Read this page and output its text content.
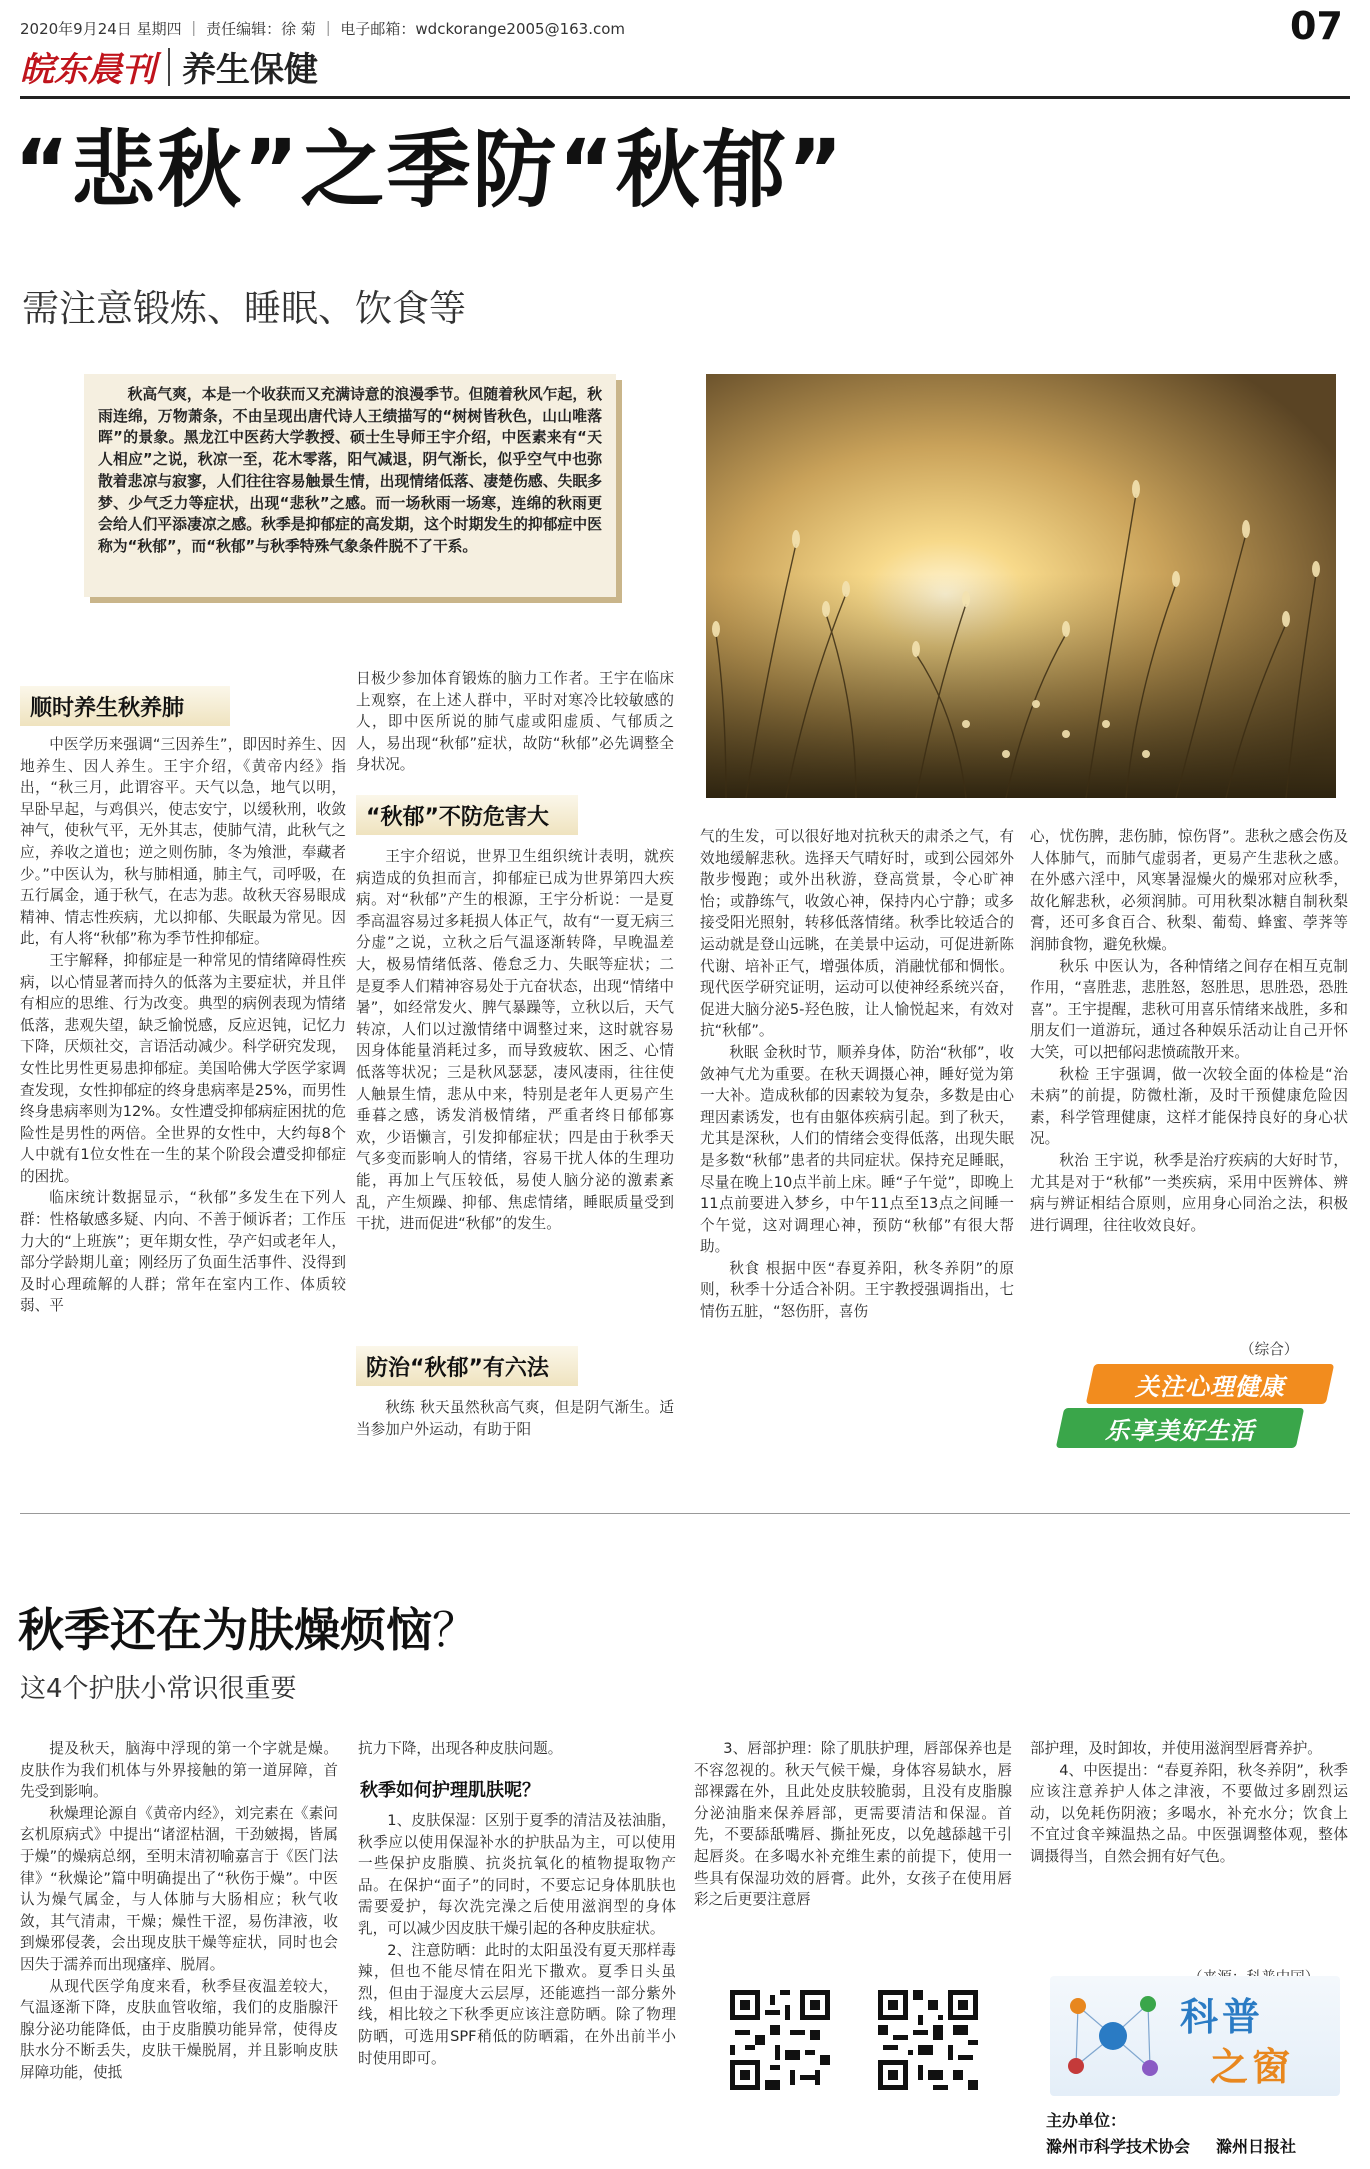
2020年9月24日 星期四 ｜ 责任编辑：徐 菊 ｜ 电子邮箱：wdckorange2005@163.com	07
皖东晨刊 养生保健
“悲秋”之季防“秋郁”
需注意锻炼、睡眠、饮食等
秋高气爽，本是一个收获而又充满诗意的浪漫季节。但随着秋风乍起，秋雨连绵，万物萧条，不由呈现出唐代诗人王绩描写的“树树皆秋色，山山唯落晖”的景象。黑龙江中医药大学教授、硕士生导师王宇介绍，中医素来有“天人相应”之说，秋凉一至，花木零落，阳气减退，阴气渐长，似乎空气中也弥散着悲凉与寂寥，人们往往容易触景生情，出现情绪低落、凄楚伤感、失眠多梦、少气乏力等症状，出现“悲秋”之感。而一场秋雨一场寒，连绵的秋雨更会给人们平添凄凉之感。秋季是抑郁症的高发期，这个时期发生的抑郁症中医称为“秋郁”，而“秋郁”与秋季特殊气象条件脱不了干系。
顺时养生秋养肺

中医学历来强调“三因养生”，即因时养生、因地养生、因人养生。王宇介绍，《黄帝内经》指出，“秋三月，此谓容平。天气以急，地气以明，早卧早起，与鸡俱兴，使志安宁，以缓秋刑，收敛神气，使秋气平，无外其志，使肺气清，此秋气之应，养收之道也；逆之则伤肺，冬为飧泄，奉藏者少。”中医认为，秋与肺相通，肺主气，司呼吸，在五行属金，通于秋气，在志为悲。故秋天容易眼成精神、情志性疾病，尤以抑郁、失眠最为常见。因此，有人将“秋郁”称为季节性抑郁症。

王宇解释，抑郁症是一种常见的情绪障碍性疾病，以心情显著而持久的低落为主要症状，并且伴有相应的思维、行为改变。典型的病例表现为情绪低落，悲观失望，缺乏愉悦感，反应迟钝，记忆力下降，厌烦社交，言语活动减少。科学研究发现，女性比男性更易患抑郁症。美国哈佛大学医学家调查发现，女性抑郁症的终身患病率是25%，而男性终身患病率则为12%。女性遭受抑郁病症困扰的危险性是男性的两倍。全世界的女性中，大约每8个人中就有1位女性在一生的某个阶段会遭受抑郁症的困扰。

临床统计数据显示，“秋郁”多发生在下列人群：性格敏感多疑、内向、不善于倾诉者；工作压力大的“上班族”；更年期女性，孕产妇或老年人，部分学龄期儿童；刚经历了负面生活事件、没得到及时心理疏解的人群；常年在室内工作、体质较弱、平

日极少参加体育锻炼的脑力工作者。王宇在临床上观察，在上述人群中，平时对寒冷比较敏感的人，即中医所说的肺气虚或阳虚质、气郁质之人，易出现“秋郁”症状，故防“秋郁”必先调整全身状况。
“秋郁”不防危害大
王宇介绍说，世界卫生组织统计表明，就疾病造成的负担而言，抑郁症已成为世界第四大疾病。对“秋郁”产生的根源，王宇分析说：一是夏季高温容易过多耗损人体正气，故有“一夏无病三分虚”之说，立秋之后气温逐渐转降，早晚温差大，极易情绪低落、倦怠乏力、失眠等症状；二是夏季人们精神容易处于亢奋状态，出现“情绪中暑”，如经常发火、脾气暴躁等，立秋以后，天气转凉，人们以过激情绪中调整过来，这时就容易因身体能量消耗过多，而导致疲软、困乏、心情低落等状况；三是秋风瑟瑟，凄风凄雨，往往使人触景生情，悲从中来，特别是老年人更易产生垂暮之感，诱发消极情绪，严重者终日郁郁寡欢，少语懒言，引发抑郁症状；四是由于秋季天气多变而影响人的情绪，容易干扰人体的生理功能，再加上气压较低，易使人脑分泌的激素紊乱，产生烦躁、抑郁、焦虑情绪，睡眠质量受到干扰，进而促进“秋郁”的发生。
防治“秋郁”有六法
秋练 秋天虽然秋高气爽，但是阴气渐生。适当参加户外运动，有助于阳

气的生发，可以很好地对抗秋天的肃杀之气，有效地缓解悲秋。选择天气晴好时，或到公园郊外散步慢跑；或外出秋游，登高赏景，令心旷神怡；或静练气，收敛心神，保持内心宁静；或多接受阳光照射，转移低落情绪。秋季比较适合的运动就是登山远眺，在美景中运动，可促进新陈代谢、培补正气，增强体质，消融忧郁和惆怅。现代医学研究证明，运动可以使神经系统兴奋，促进大脑分泌5-羟色胺，让人愉悦起来，有效对抗“秋郁”。

秋眠 金秋时节，顺养身体，防治“秋郁”，收敛神气尤为重要。在秋天调摄心神，睡好觉为第一大补。造成秋郁的因素较为复杂，多数是由心理因素诱发，也有由躯体疾病引起。到了秋天，尤其是深秋，人们的情绪会变得低落，出现失眠是多数“秋郁”患者的共同症状。保持充足睡眠，尽量在晚上10点半前上床。睡“子午觉”，即晚上11点前要进入梦乡，中午11点至13点之间睡一个午觉，这对调理心神，预防“秋郁”有很大帮助。

秋食 根据中医“春夏养阳，秋冬养阴”的原则，秋季十分适合补阴。王宇教授强调指出，七情伤五脏，“怒伤肝，喜伤

心，忧伤脾，悲伤肺，惊伤肾”。悲秋之感会伤及人体肺气，而肺气虚弱者，更易产生悲秋之感。在外感六淫中，风寒暑湿燥火的燥邪对应秋季，故化解悲秋，必须润肺。可用秋梨冰糖自制秋梨膏，还可多食百合、秋梨、葡萄、蜂蜜、荸荠等润肺食物，避免秋燥。

秋乐 中医认为，各种情绪之间存在相互克制作用，“喜胜悲，悲胜怒，怒胜思，思胜恐，恐胜喜”。王宇提醒，悲秋可用喜乐情绪来战胜，多和朋友们一道游玩，通过各种娱乐活动让自己开怀大笑，可以把郁闷悲愤疏散开来。

秋检 王宇强调，做一次较全面的体检是“治未病”的前提，防微杜渐，及时干预健康危险因素，科学管理健康，这样才能保持良好的身心状况。

秋治 王宇说，秋季是治疗疾病的大好时节，尤其是对于“秋郁”一类疾病，采用中医辨体、辨病与辨证相结合原则，应用身心同治之法，积极进行调理，往往收效良好。

（综合）
关注心理健康
乐享美好生活
秋季还在为肤燥烦恼？
这4个护肤小常识很重要

提及秋天，脑海中浮现的第一个字就是燥。皮肤作为我们机体与外界接触的第一道屏障，首先受到影响。

秋燥理论源自《黄帝内经》，刘完素在《素问玄机原病式》中提出“诸涩枯涸，干劲皴揭，皆属于燥”的燥病总纲，至明末清初喻嘉言于《医门法律》“秋燥论”篇中明确提出了“秋伤于燥”。中医认为燥气属金，与人体肺与大肠相应；秋气收敛，其气清肃，干燥；燥性干涩，易伤津液，收到燥邪侵袭，会出现皮肤干燥等症状，同时也会因失于濡养而出现瘙痒、脱屑。

从现代医学角度来看，秋季昼夜温差较大，气温逐渐下降，皮肤血管收缩，我们的皮脂腺汗腺分泌功能降低，由于皮脂膜功能异常，使得皮肤水分不断丢失，皮肤干燥脱屑，并且影响皮肤屏障功能，使抵

抗力下降，出现各种皮肤问题。
秋季如何护理肌肤呢？

1、皮肤保湿：区别于夏季的清洁及祛油脂，秋季应以使用保湿补水的护肤品为主，可以使用一些保护皮脂膜、抗炎抗氧化的植物提取物产品。在保护“面子”的同时，不要忘记身体肌肤也需要爱护，每次洗完澡之后使用滋润型的身体乳，可以减少因皮肤干燥引起的各种皮肤症状。

2、注意防晒：此时的太阳虽没有夏天那样毒辣，但也不能尽情在阳光下撒欢。夏季日头虽烈，但由于湿度大云层厚，还能遮挡一部分紫外线，相比较之下秋季更应该注意防晒。除了物理防晒，可选用SPF稍低的防晒霜，在外出前半小时使用即可。

3、唇部护理：除了肌肤护理，唇部保养也是不容忽视的。秋天气候干燥，身体容易缺水，唇部裸露在外，且此处皮肤较脆弱，且没有皮脂腺分泌油脂来保养唇部，更需要清洁和保湿。首先，不要舔舐嘴唇、撕扯死皮，以免越舔越干引起唇炎。在多喝水补充维生素的前提下，使用一些具有保湿功效的唇膏。此外，女孩子在使用唇彩之后更要注意唇

部护理，及时卸妆，并使用滋润型唇膏养护。

4、中医提出：“春夏养阳，秋冬养阴”，秋季应该注意养护人体之津液，不要做过多剧烈运动，以免耗伤阴液；多喝水，补充水分；饮食上不宜过食辛辣温热之品。中医强调整体观，整体调摄得当，自然会拥有好气色。

科普
之窗
主办单位：
滁州市科学技术协会 滁州日报社
